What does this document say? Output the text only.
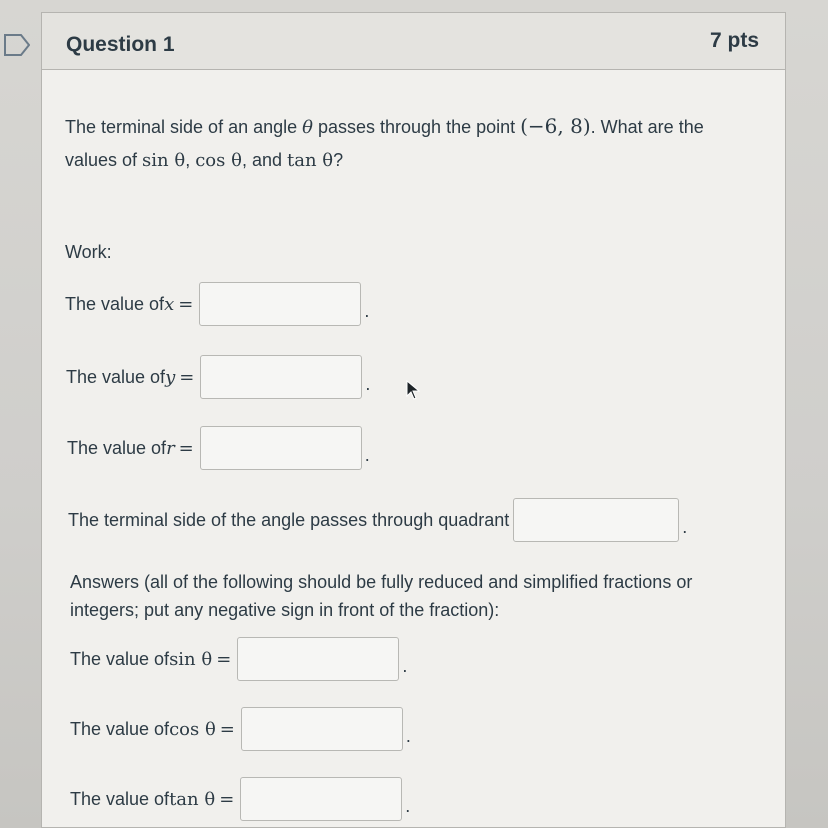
Question 1	7 pts
The terminal side of an angle θ passes through the point (−6, 8). What are the values of sin θ, cos θ, and tan θ?
Work:
The value of x =	.
The value of y =	.
The value of r =	.
The terminal side of the angle passes through quadrant	.
Answers (all of the following should be fully reduced and simplified fractions or integers; put any negative sign in front of the fraction):
The value of sin θ =	.
The value of cos θ =	.
The value of tan θ =	.
